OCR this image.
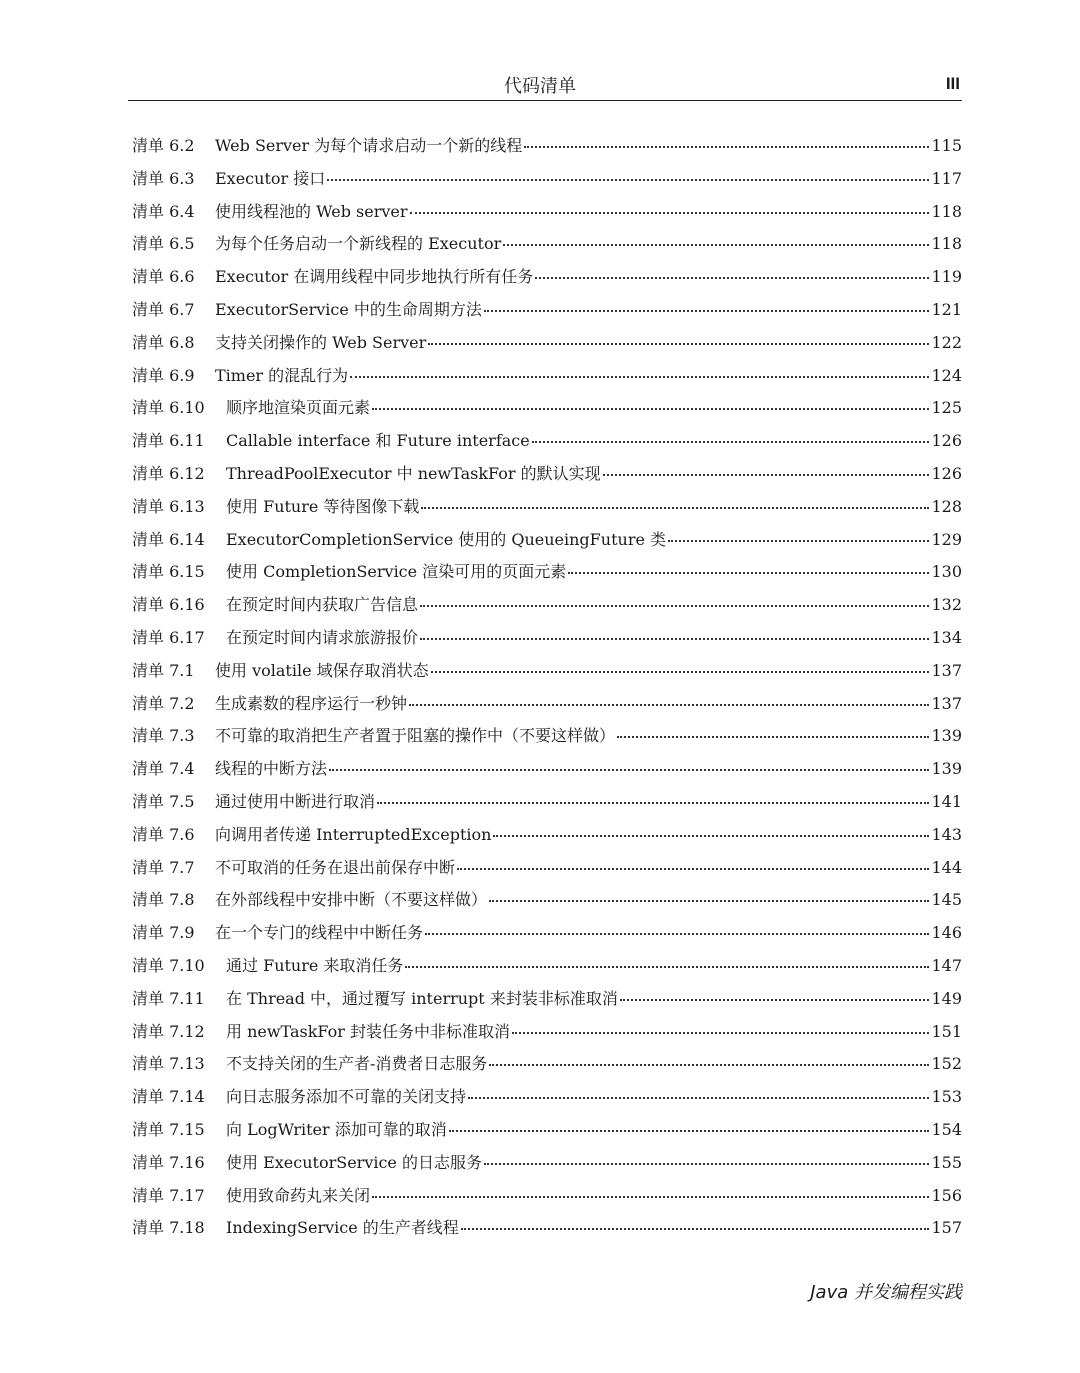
代码清单	III
清单 6.2	Web Server 为每个请求启动一个新的线程	115
清单 6.3	Executor 接口	117
清单 6.4	使用线程池的 Web server	118
清单 6.5	为每个任务启动一个新线程的 Executor	118
清单 6.6	Executor 在调用线程中同步地执行所有任务	119
清单 6.7	ExecutorService 中的生命周期方法	121
清单 6.8	支持关闭操作的 Web Server	122
清单 6.9	Timer 的混乱行为	124
清单 6.10	顺序地渲染页面元素	125
清单 6.11	Callable interface 和 Future interface	126
清单 6.12	ThreadPoolExecutor 中 newTaskFor 的默认实现	126
清单 6.13	使用 Future 等待图像下载	128
清单 6.14	ExecutorCompletionService 使用的 QueueingFuture 类	129
清单 6.15	使用 CompletionService 渲染可用的页面元素	130
清单 6.16	在预定时间内获取广告信息	132
清单 6.17	在预定时间内请求旅游报价	134
清单 7.1	使用 volatile 域保存取消状态	137
清单 7.2	生成素数的程序运行一秒钟	137
清单 7.3	不可靠的取消把生产者置于阻塞的操作中（不要这样做）	139
清单 7.4	线程的中断方法	139
清单 7.5	通过使用中断进行取消	141
清单 7.6	向调用者传递 InterruptedException	143
清单 7.7	不可取消的任务在退出前保存中断	144
清单 7.8	在外部线程中安排中断（不要这样做）	145
清单 7.9	在一个专门的线程中中断任务	146
清单 7.10	通过 Future 来取消任务	147
清单 7.11	在 Thread 中，通过覆写 interrupt 来封装非标准取消	149
清单 7.12	用 newTaskFor 封装任务中非标准取消	151
清单 7.13	不支持关闭的生产者-消费者日志服务	152
清单 7.14	向日志服务添加不可靠的关闭支持	153
清单 7.15	向 LogWriter 添加可靠的取消	154
清单 7.16	使用 ExecutorService 的日志服务	155
清单 7.17	使用致命药丸来关闭	156
清单 7.18	IndexingService 的生产者线程	157
Java 并发编程实践
